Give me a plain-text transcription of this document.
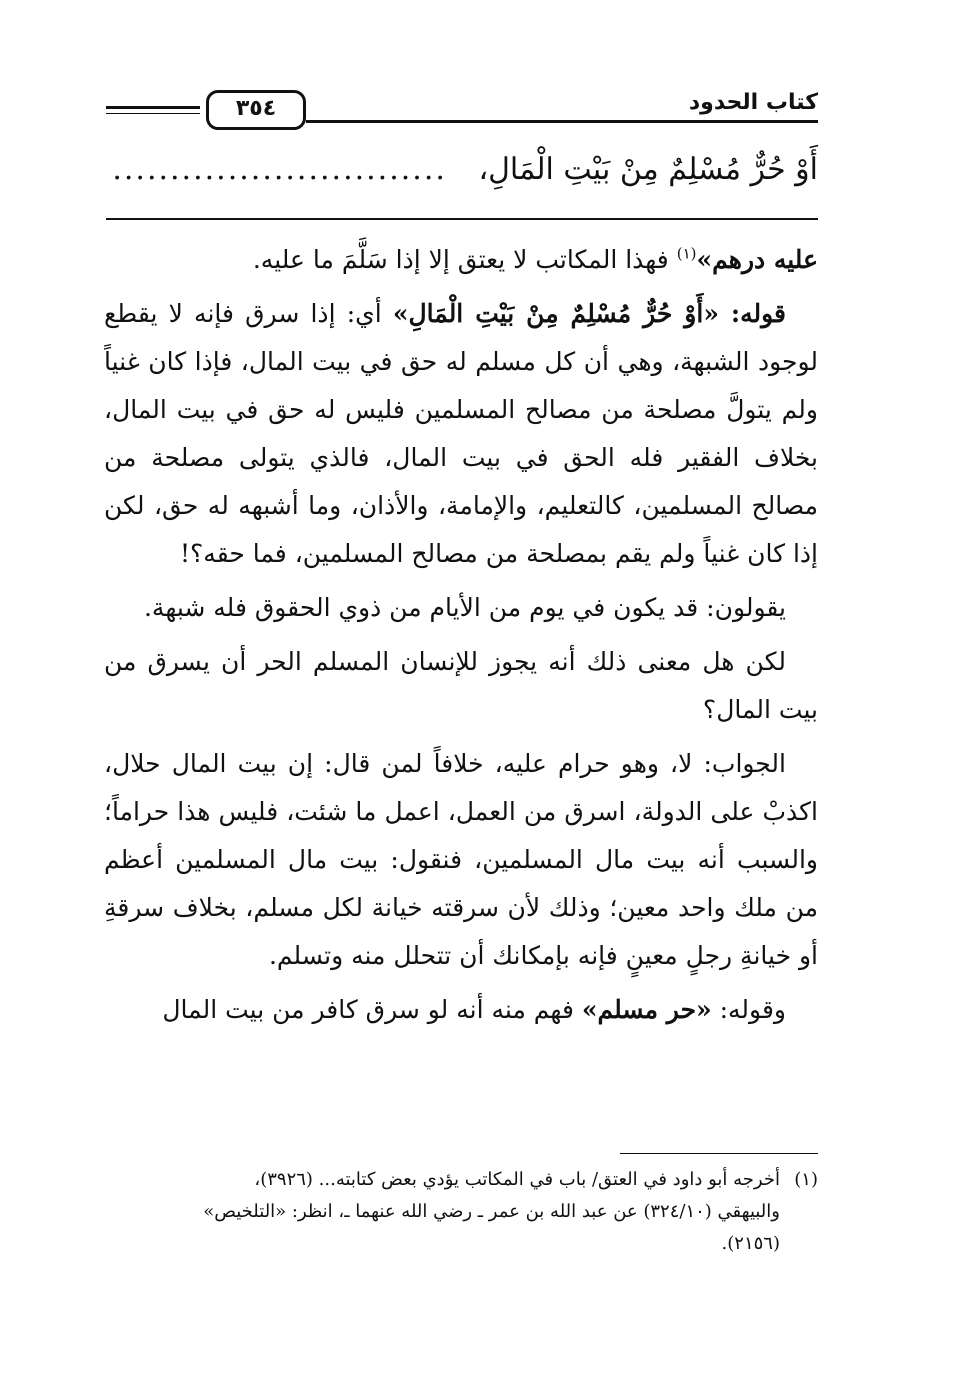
٣٥٤	كتاب الحدود
أَوْ حُرٌّ مُسْلِمٌ مِنْ بَيْتِ الْمَالِ، .............................

عليه درهم»$^{(١)}$ فهذا المكاتب لا يعتق إلا إذا سَلَّمَ ما عليه.

قوله: «أَوْ حُرٌّ مُسْلِمٌ مِنْ بَيْتِ الْمَالِ» أي: إذا سرق فإنه لا يقطع لوجود الشبهة، وهي أن كل مسلم له حق في بيت المال، فإذا كان غنياً ولم يتولَّ مصلحة من مصالح المسلمين فليس له حق في بيت المال، بخلاف الفقير فله الحق في بيت المال، فالذي يتولى مصلحة من مصالح المسلمين، كالتعليم، والإمامة، والأذان، وما أشبهه له حق، لكن إذا كان غنياً ولم يقم بمصلحة من مصالح المسلمين، فما حقه؟!

يقولون: قد يكون في يوم من الأيام من ذوي الحقوق فله شبهة.

لكن هل معنى ذلك أنه يجوز للإنسان المسلم الحر أن يسرق من بيت المال؟

الجواب: لا، وهو حرام عليه، خلافاً لمن قال: إن بيت المال حلال، اكذبْ على الدولة، اسرق من العمل، اعمل ما شئت، فليس هذا حراماً؛ والسبب أنه بيت مال المسلمين، فنقول: بيت مال المسلمين أعظم من ملك واحد معين؛ وذلك لأن سرقته خيانة لكل مسلم، بخلاف سرقةِ أو خيانةِ رجلٍ معينٍ فإنه بإمكانك أن تتحلل منه وتسلم.

وقوله: «حر مسلم» فهم منه أنه لو سرق كافر من بيت المال

(١)أخرجه أبو داود في العتق/ باب في المكاتب يؤدي بعض كتابته... (٣٩٢٦)،
والبيهقي (٣٢٤/١٠) عن عبد الله بن عمر ـ رضي الله عنهما ـ، انظر: «التلخيص»
(٢١٥٦).
